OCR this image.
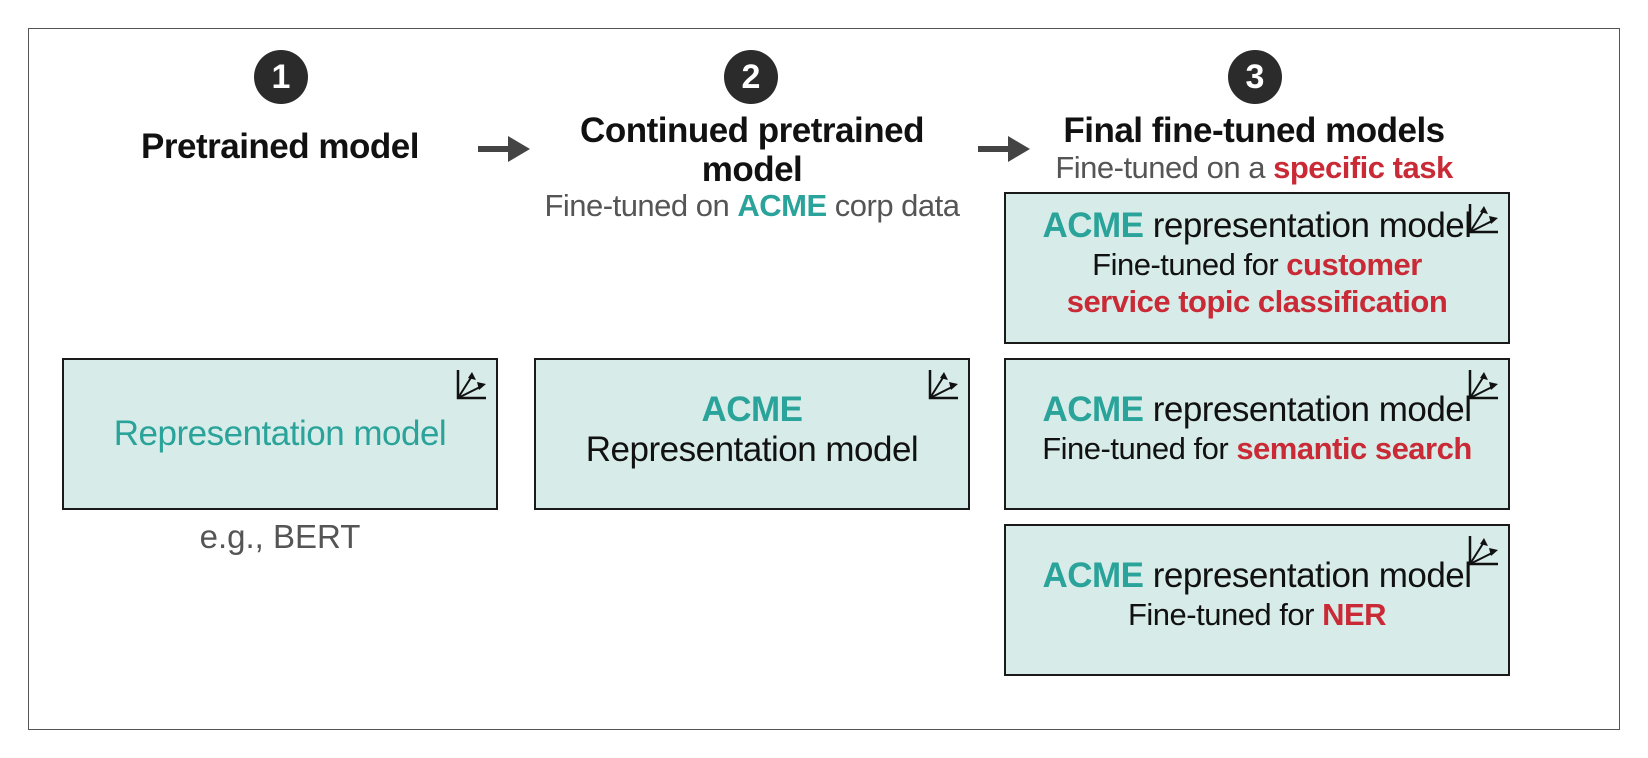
1	2	3
Pretrained model	Continued pretrained model
Fine-tuned on ACME corp data
Final fine-tuned models
Fine-tuned on a specific task
Representation model
e.g., BERT
ACME
Representation model
ACME representation model
Fine-tuned for customer
service topic classification
ACME representation model
Fine-tuned for semantic search
ACME representation model
Fine-tuned for NER
